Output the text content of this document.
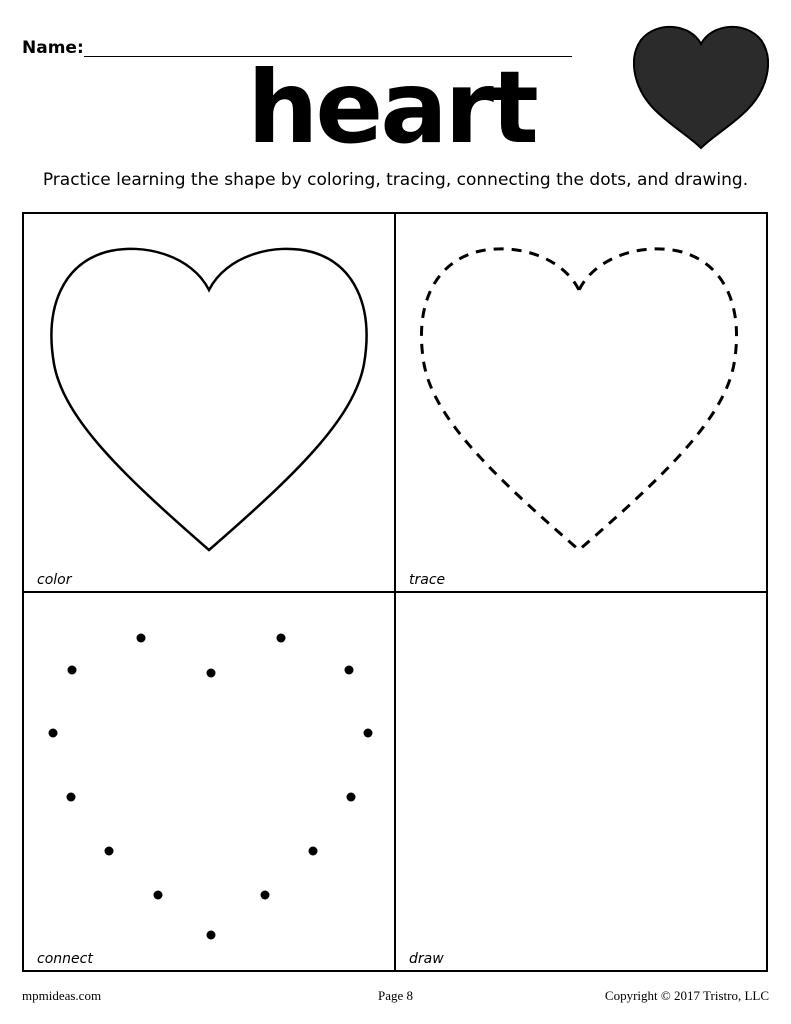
Name:
heart
Practice learning the shape by coloring, tracing, connecting the dots, and drawing.
color	trace
connect	draw
mpmideas.com	Page 8	Copyright © 2017 Tristro, LLC
